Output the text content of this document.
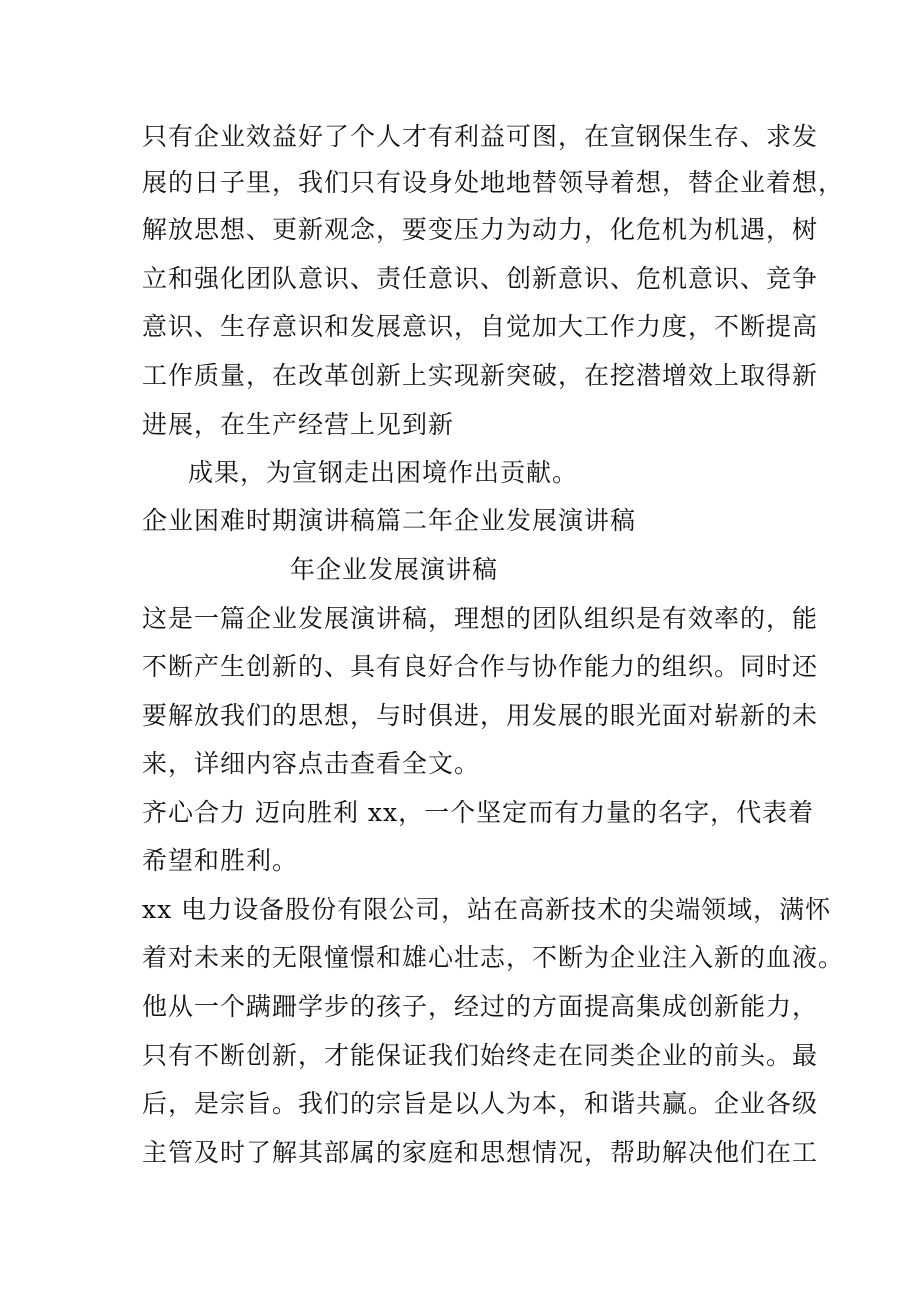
只有企业效益好了个人才有利益可图，在宣钢保生存、求发
展的日子里，我们只有设身处地地替领导着想，替企业着想，
解放思想、更新观念，要变压力为动力，化危机为机遇，树
立和强化团队意识、责任意识、创新意识、危机意识、竞争
意识、生存意识和发展意识，自觉加大工作力度，不断提高
工作质量，在改革创新上实现新突破，在挖潜增效上取得新
进展，在生产经营上见到新
成果，为宣钢走出困境作出贡献。
企业困难时期演讲稿篇二年企业发展演讲稿
年企业发展演讲稿
这是一篇企业发展演讲稿，理想的团队组织是有效率的，能
不断产生创新的、具有良好合作与协作能力的组织。同时还
要解放我们的思想，与时俱进，用发展的眼光面对崭新的未
来，详细内容点击查看全文。
齐心合力 迈向胜利 xx，一个坚定而有力量的名字，代表着
希望和胜利。
xx 电力设备股份有限公司，站在高新技术的尖端领域，满怀
着对未来的无限憧憬和雄心壮志，不断为企业注入新的血液。
他从一个蹒跚学步的孩子，经过的方面提高集成创新能力，
只有不断创新，才能保证我们始终走在同类企业的前头。最
后，是宗旨。我们的宗旨是以人为本，和谐共赢。企业各级
主管及时了解其部属的家庭和思想情况，帮助解决他们在工
